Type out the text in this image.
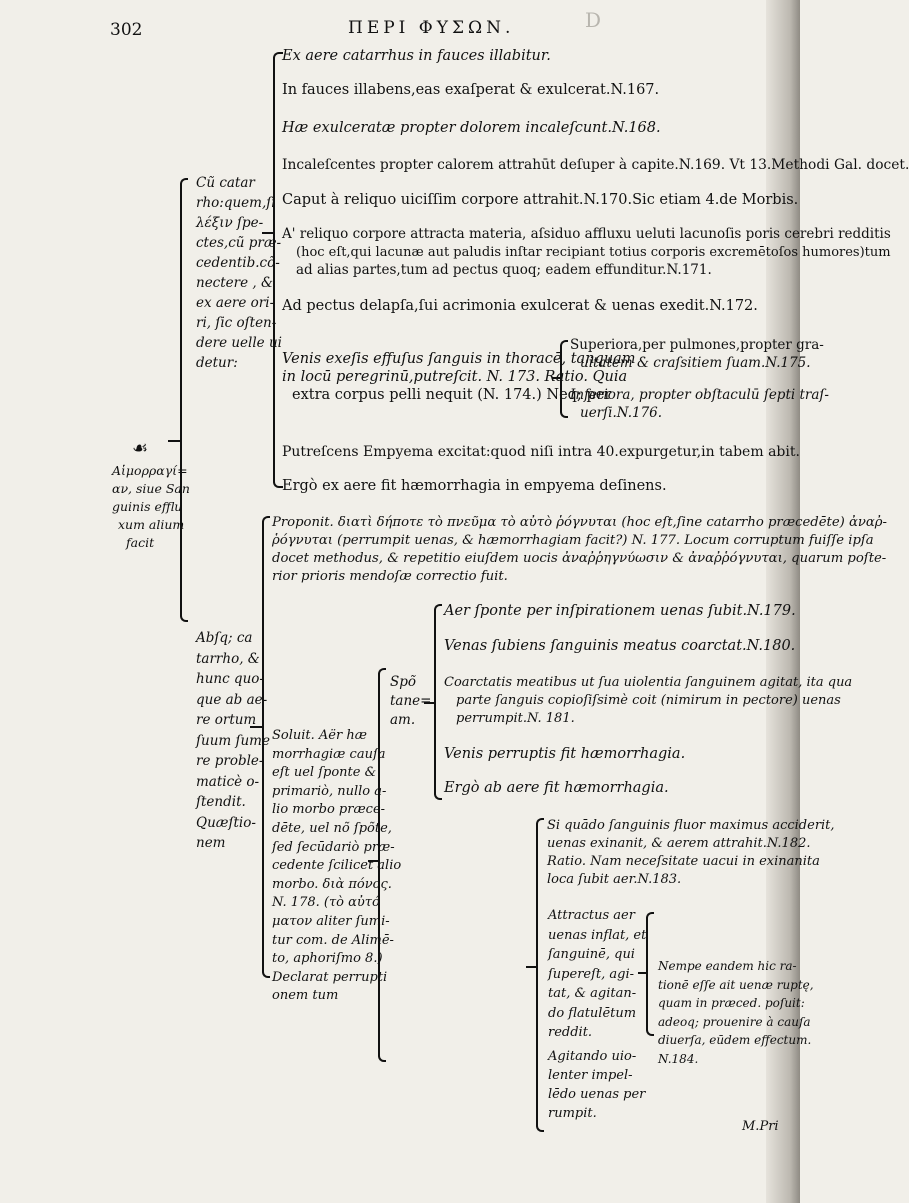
302	ΠΕΡΙ ΦΥΣΩΝ.	D
Ex aere catarrhus in fauces illabitur.
In fauces illabens,eas exaſperat & exulcerat.N.167.
Hæ exulceratæ propter dolorem incaleſcunt.N.168.
Incaleſcentes propter calorem attrahūt deſuper à capite.N.169. Vt 13.Methodi Gal. docet.
Caput à reliquo uiciſſim corpore attrahit.N.170.Sic etiam 4.de Morbis.
A' reliquo corpore attracta materia, aſsiduo affluxu ueluti lacunoſis poris cerebri redditis
(hoc eſt,qui lacunæ aut paludis inſtar recipiant totius corporis excremētoſos humores)tum
ad alias partes,tum ad pectus quoq; eadem effunditur.N.171.
Ad pectus delapſa,ſui acrimonia exulcerat & uenas exedit.N.172.
Venis exeſis effuſus ſanguis in thoracē, tanquam
in locū peregrinū,putreſcit. N. 173. Ratio. Quia
extra corpus pelli nequit (N. 174.) Neq; per
Superiora,per pulmones,propter gra-
uitatem & craſsitiem ſuam.N.175.
Inferiora, propter obſtaculū ſepti traſ-
uerſi.N.176.
Putreſcens Empyema excitat:quod niſi intra 40.expurgetur,in tabem abit.
Ergò ex aere fit hæmorrhagia in empyema deſinens.
Cũ catar
rho:quem,ſi
λέξιν ſpe-
ctes,cũ præ-
cedentib.cõ-
nectere , &
ex aere ori-
ri, ſic oſten-
dere uelle ui
detur:
☙
Αἱμορραγί=
αν, siue San
guinis efflu
xum alium
facit
Abſq; ca
tarrho, &
hunc quo-
que ab ae-
re ortum
ſuum ſume
re proble-
maticè o-
ſtendit.
Quæſtio-
nem
Proponit. διατὶ δήποτε τὸ πνεῦμα τὸ αὐτὸ ῥόγνυται (hoc eſt,ſine catarrho præcedēte) ἀναῤ-
ῥόγνυται (perrumpit uenas, & hæmorrhagiam facit?) N. 177. Locum corruptum fuiſſe ipſa
docet methodus, & repetitio eiuſdem uocis ἀναῤῥηγνύωσιν & ἀναῤῥόγνυται, quarum poſte-
rior prioris mendoſæ correctio fuit.
Soluit. Aër hæ
morrhagiæ cauſa
eſt uel ſponte &
primariò, nullo a-
lio morbo præce-
dēte, uel nõ ſpõte,
ſed ſecūdariò præ-
cedente ſcilicet alio
morbo. διὰ πόνος.
N. 178. (τὸ αὐτό
ματον aliter ſumi-
tur com. de Alimē-
to, aphoriſmo 8.)
Declarat perrupti
onem tum
Spõ
tane=
am.
Aer ſponte per inſpirationem uenas ſubit.N.179.
Venas ſubiens ſanguinis meatus coarctat.N.180.
Coarctatis meatibus ut ſua uiolentia ſanguinem agitat, ita qua
parte ſanguis copioſiſsimè coit (nimirum in pectore) uenas
perrumpit.N. 181.
Venis perruptis fit hæmorrhagia.
Ergò ab aere fit hæmorrhagia.
Si quādo ſanguinis fluor maximus acciderit,
uenas exinanit, & aerem attrahit.N.182.
Ratio. Nam neceſsitate uacui in exinanita
loca ſubit aer.N.183.
Attractus aer
uenas inflat, et
ſanguinē, qui
ſupereſt, agi-
tat, & agitan-
do flatulētum
reddit.
Agitando uio-
lenter impel-
lēdo uenas per
rumpit.
Nempe eandem hic ra-
tionē eſſe ait uenæ ruptę,
quam in præced. poſuit:
adeoq; prouenire à cauſa
diuerſa, eūdem effectum.
N.184.
M.Pri
